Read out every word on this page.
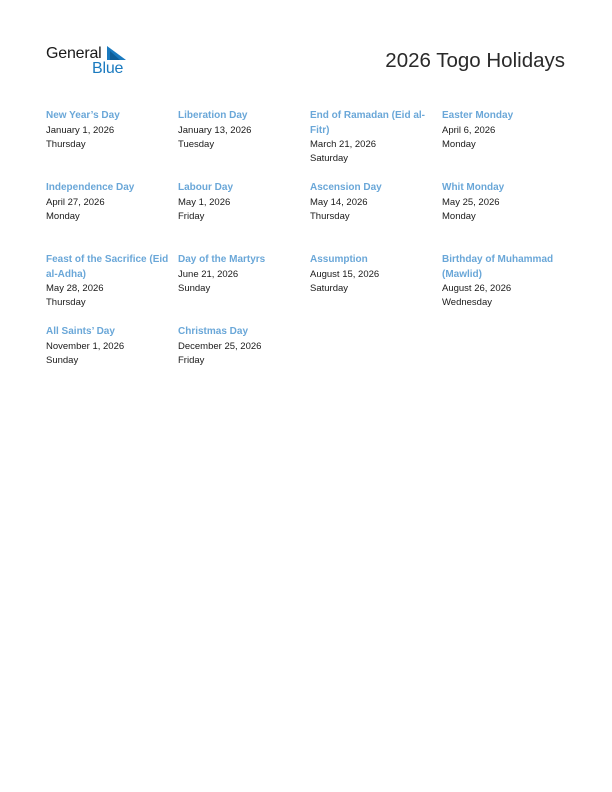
General
Blue	2026 Togo Holidays
New Year’s Day
January 1, 2026
Thursday
Liberation Day
January 13, 2026
Tuesday
End of Ramadan (Eid al-Fitr)
March 21, 2026
Saturday
Easter Monday
April 6, 2026
Monday
Independence Day
April 27, 2026
Monday
Labour Day
May 1, 2026
Friday
Ascension Day
May 14, 2026
Thursday
Whit Monday
May 25, 2026
Monday
Feast of the Sacrifice (Eid al-Adha)
May 28, 2026
Thursday
Day of the Martyrs
June 21, 2026
Sunday
Assumption
August 15, 2026
Saturday
Birthday of Muhammad (Mawlid)
August 26, 2026
Wednesday
All Saints’ Day
November 1, 2026
Sunday
Christmas Day
December 25, 2026
Friday
